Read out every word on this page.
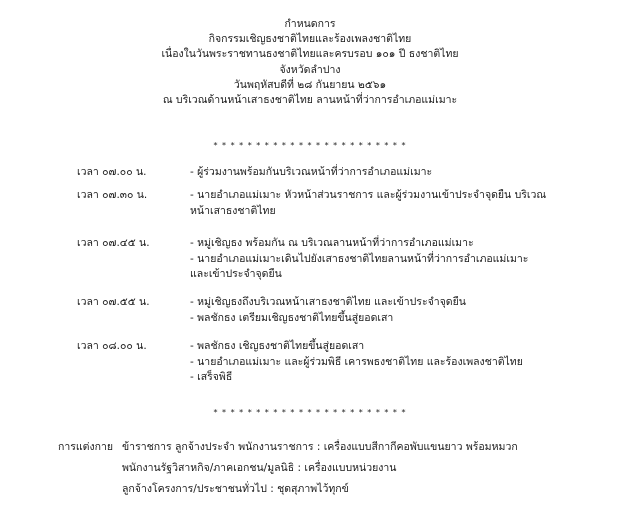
กำหนดการ
กิจกรรมเชิญธงชาติไทยและร้องเพลงชาติไทย
เนื่องในวันพระราชทานธงชาติไทยและครบรอบ ๑๐๑ ปี ธงชาติไทย
จังหวัดลำปาง
วันพฤหัสบดีที่ ๒๘ กันยายน ๒๕๖๑
ณ บริเวณด้านหน้าเสาธงชาติไทย ลานหน้าที่ว่าการอำเภอแม่เมาะ
* * * * * * * * * * * * * * * * * * * * * * *
เวลา ๐๗.๐๐ น.	- ผู้ร่วมงานพร้อมกันบริเวณหน้าที่ว่าการอำเภอแม่เมาะ
เวลา ๐๗.๓๐ น.	- นายอำเภอแม่เมาะ หัวหน้าส่วนราชการ และผู้ร่วมงานเข้าประจำจุดยืน บริเวณ
หน้าเสาธงชาติไทย
เวลา ๐๗.๔๕ น.	- หมู่เชิญธง พร้อมกัน ณ บริเวณลานหน้าที่ว่าการอำเภอแม่เมาะ
- นายอำเภอแม่เมาะเดินไปยังเสาธงชาติไทยลานหน้าที่ว่าการอำเภอแม่เมาะ
และเข้าประจำจุดยืน
เวลา ๐๗.๕๕ น.	- หมู่เชิญธงถึงบริเวณหน้าเสาธงชาติไทย และเข้าประจำจุดยืน
- พลชักธง เตรียมเชิญธงชาติไทยขึ้นสู่ยอดเสา
เวลา ๐๘.๐๐ น.	- พลชักธง เชิญธงชาติไทยขึ้นสู่ยอดเสา
- นายอำเภอแม่เมาะ และผู้ร่วมพิธี เคารพธงชาติไทย และร้องเพลงชาติไทย
- เสร็จพิธี
* * * * * * * * * * * * * * * * * * * * * * *
การแต่งกาย ข้าราชการ ลูกจ้างประจำ พนักงานราชการ : เครื่องแบบสีกากีคอพับแขนยาว พร้อมหมวก
พนักงานรัฐวิสาหกิจ/ภาคเอกชน/มูลนิธิ : เครื่องแบบหน่วยงาน
ลูกจ้างโครงการ/ประชาชนทั่วไป : ชุดสุภาพไว้ทุกข์
